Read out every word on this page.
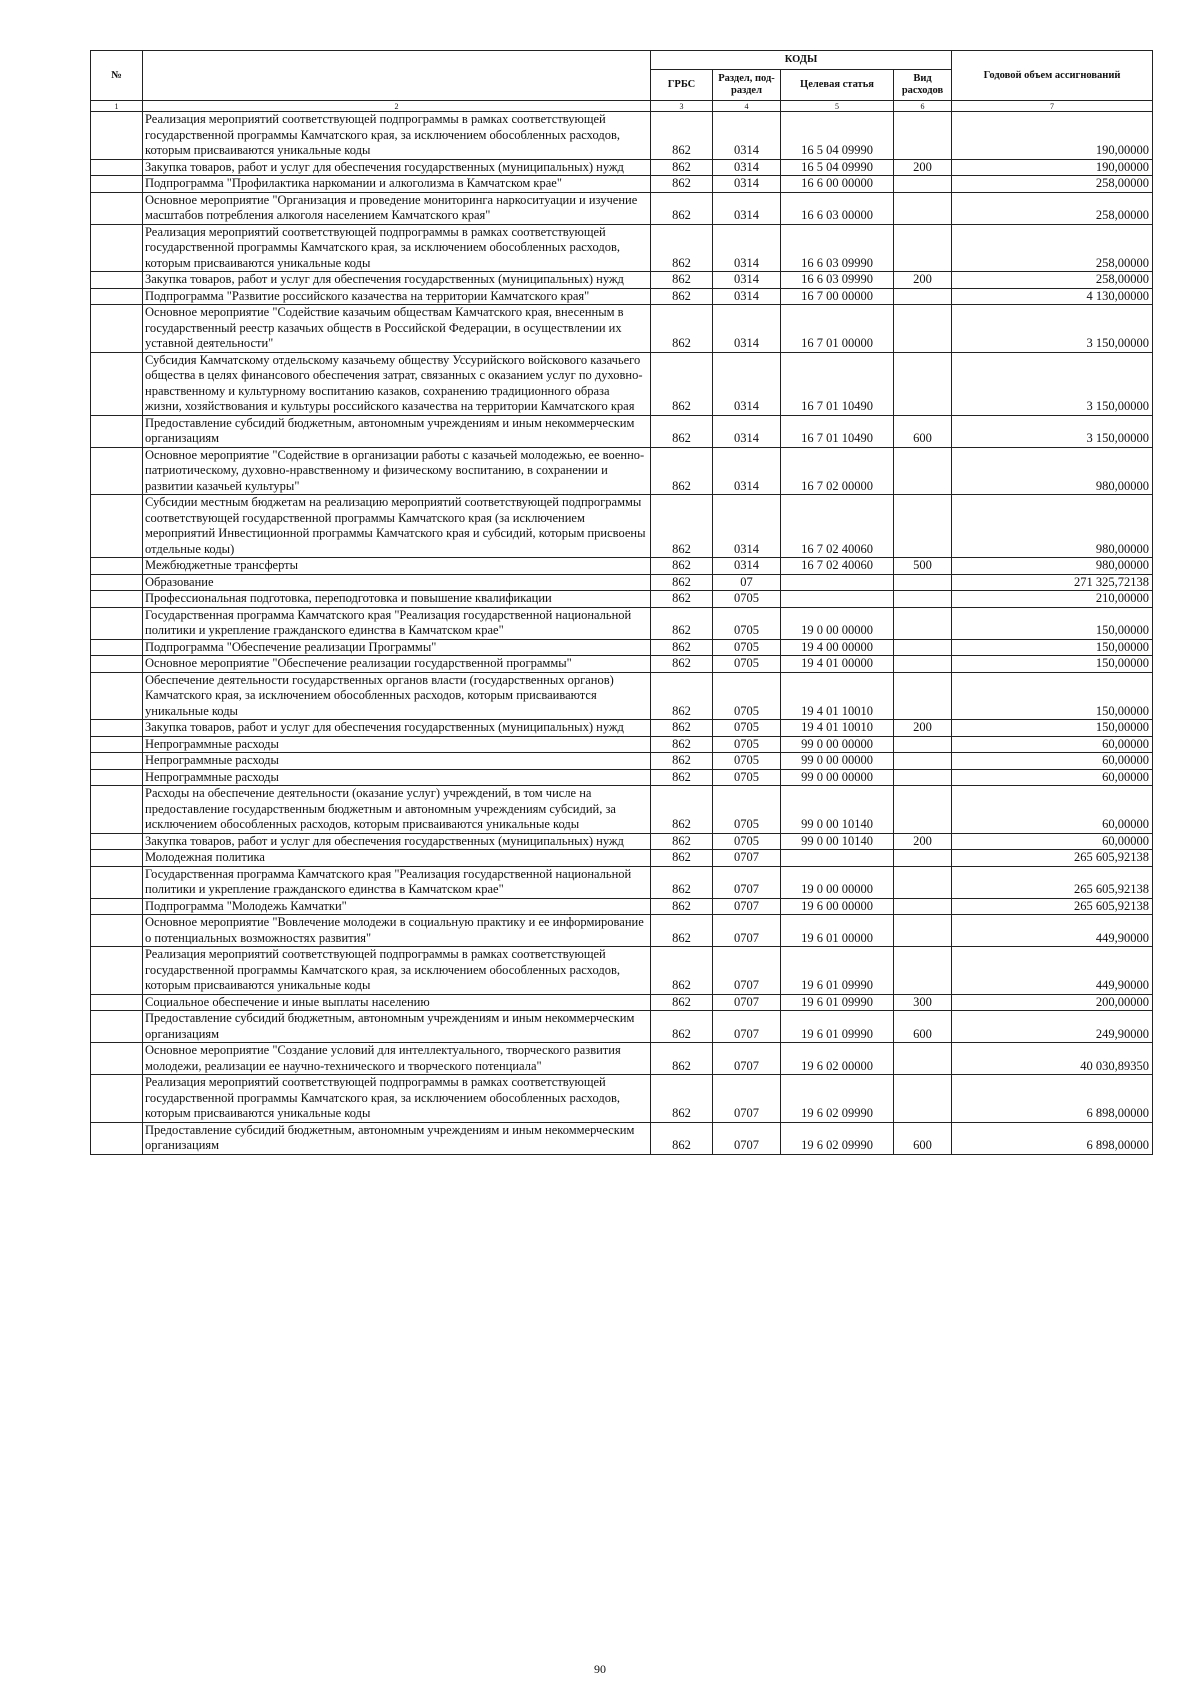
№		КОДЫ				Годовой объем ассигнований
		ГРБС	Раздел, под-раздел	Целевая статья	Вид расходов	
1	2	3	4	5	6	7
	Реализация мероприятий соответствующей подпрограммы в рамках соответствующей государственной программы Камчатского края, за исключением обособленных расходов, которым присваиваются уникальные коды	862	0314	16 5 04 09990		190,00000
	Закупка товаров, работ и услуг для обеспечения государственных (муниципальных) нужд	862	0314	16 5 04 09990	200	190,00000
	Подпрограмма "Профилактика наркомании и алкоголизма в Камчатском крае"	862	0314	16 6 00 00000		258,00000
	Основное мероприятие "Организация и проведение мониторинга наркоситуации и изучение масштабов потребления алкоголя населением Камчатского края"	862	0314	16 6 03 00000		258,00000
	Реализация мероприятий соответствующей подпрограммы в рамках соответствующей государственной программы Камчатского края, за исключением обособленных расходов, которым присваиваются уникальные коды	862	0314	16 6 03 09990		258,00000
	Закупка товаров, работ и услуг для обеспечения государственных (муниципальных) нужд	862	0314	16 6 03 09990	200	258,00000
	Подпрограмма "Развитие российского казачества на территории Камчатского края"	862	0314	16 7 00 00000		4 130,00000
	Основное мероприятие "Содействие казачьим обществам Камчатского края, внесенным в государственный реестр казачьих обществ в Российской Федерации, в осуществлении их уставной деятельности"	862	0314	16 7 01 00000		3 150,00000
	Субсидия Камчатскому отдельскому казачьему обществу Уссурийского войскового казачьего общества в целях финансового обеспечения затрат, связанных с оказанием услуг по духовно-нравственному и культурному воспитанию казаков, сохранению традиционного образа жизни, хозяйствования и культуры российского казачества на территории Камчатского края	862	0314	16 7 01 10490		3 150,00000
	Предоставление субсидий бюджетным, автономным учреждениям и иным некоммерческим организациям	862	0314	16 7 01 10490	600	3 150,00000
	Основное мероприятие "Содействие в организации работы с казачьей молодежью, ее военно-патриотическому, духовно-нравственному и физическому воспитанию, в сохранении и развитии казачьей культуры"	862	0314	16 7 02 00000		980,00000
	Субсидии местным бюджетам на реализацию мероприятий соответствующей подпрограммы соответствующей государственной программы Камчатского края (за исключением мероприятий Инвестиционной программы Камчатского края и субсидий, которым присвоены отдельные коды)	862	0314	16 7 02 40060		980,00000
	Межбюджетные трансферты	862	0314	16 7 02 40060	500	980,00000
	Образование	862	07			271 325,72138
	Профессиональная подготовка, переподготовка и повышение квалификации	862	0705			210,00000
	Государственная программа Камчатского края "Реализация государственной национальной политики и укрепление гражданского единства в Камчатском крае"	862	0705	19 0 00 00000		150,00000
	Подпрограмма "Обеспечение реализации Программы"	862	0705	19 4 00 00000		150,00000
	Основное мероприятие "Обеспечение реализации государственной программы"	862	0705	19 4 01 00000		150,00000
	Обеспечение деятельности государственных органов власти (государственных органов) Камчатского края, за исключением обособленных расходов, которым присваиваются уникальные коды	862	0705	19 4 01 10010		150,00000
	Закупка товаров, работ и услуг для обеспечения государственных (муниципальных) нужд	862	0705	19 4 01 10010	200	150,00000
	Непрограммные расходы	862	0705	99 0 00 00000		60,00000
	Непрограммные расходы	862	0705	99 0 00 00000		60,00000
	Непрограммные расходы	862	0705	99 0 00 00000		60,00000
	Расходы на обеспечение деятельности (оказание услуг) учреждений, в том числе на предоставление государственным бюджетным и автономным учреждениям субсидий, за исключением обособленных расходов, которым присваиваются уникальные коды	862	0705	99 0 00 10140		60,00000
	Закупка товаров, работ и услуг для обеспечения государственных (муниципальных) нужд	862	0705	99 0 00 10140	200	60,00000
	Молодежная политика	862	0707			265 605,92138
	Государственная программа Камчатского края "Реализация государственной национальной политики и укрепление гражданского единства в Камчатском крае"	862	0707	19 0 00 00000		265 605,92138
	Подпрограмма "Молодежь Камчатки"	862	0707	19 6 00 00000		265 605,92138
	Основное мероприятие "Вовлечение молодежи в социальную практику и ее информирование о потенциальных возможностях развития"	862	0707	19 6 01 00000		449,90000
	Реализация мероприятий соответствующей подпрограммы в рамках соответствующей государственной программы Камчатского края, за исключением обособленных расходов, которым присваиваются уникальные коды	862	0707	19 6 01 09990		449,90000
	Социальное обеспечение и иные выплаты населению	862	0707	19 6 01 09990	300	200,00000
	Предоставление субсидий бюджетным, автономным учреждениям и иным некоммерческим организациям	862	0707	19 6 01 09990	600	249,90000
	Основное мероприятие "Создание условий для интеллектуального, творческого развития молодежи, реализации ее научно-технического и творческого потенциала"	862	0707	19 6 02 00000		40 030,89350
	Реализация мероприятий соответствующей подпрограммы в рамках соответствующей государственной программы Камчатского края, за исключением обособленных расходов, которым присваиваются уникальные коды	862	0707	19 6 02 09990		6 898,00000
	Предоставление субсидий бюджетным, автономным учреждениям и иным некоммерческим организациям	862	0707	19 6 02 09990	600	6 898,00000
90
